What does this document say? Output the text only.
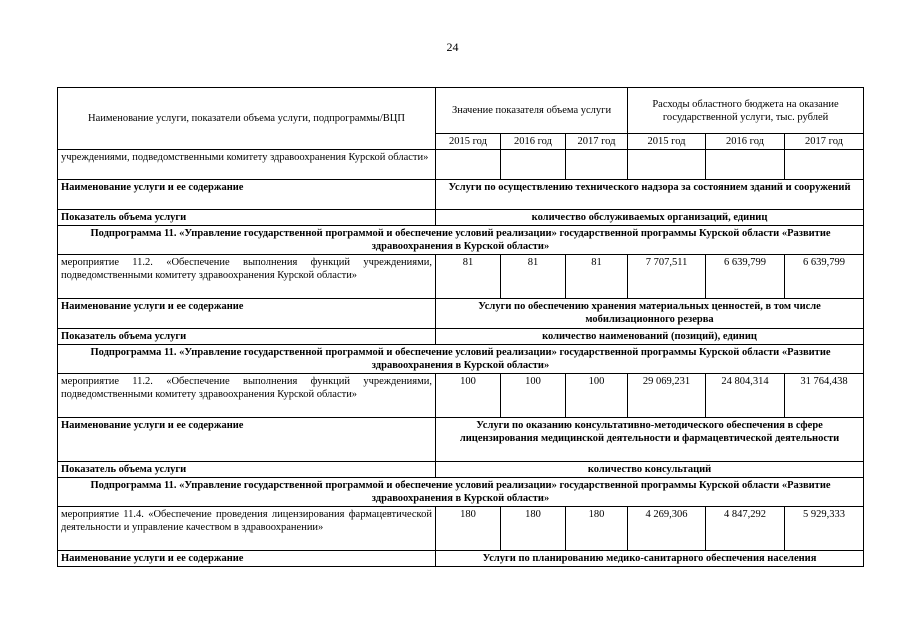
24
Наименование услуги, показатели объема услуги, подпрограммы/ВЦП	Значение показателя объема услуги			Расходы областного бюджета на оказание государственной услуги, тыс. рублей		
	2015 год	2016 год	2017 год	2015 год	2016 год	2017 год
учреждениями, подведомственными комитету здравоохранения Курской области»						
Наименование услуги и ее содержание	Услуги по осуществлению технического надзора за состоянием зданий и сооружений					
Показатель объема услуги	количество обслуживаемых организаций, единиц					
Подпрограмма 11. «Управление государственной программой и обеспечение условий реализации» государственной программы Курской области «Развитие здравоохранения в Курской области»						
мероприятие 11.2. «Обеспечение выполнения функций учреждениями, подведомственными комитету здравоохранения Курской области»	81	81	81	7 707,511	6 639,799	6 639,799
Наименование услуги и ее содержание	Услуги по обеспечению хранения материальных ценностей, в том числе мобилизационного резерва					
Показатель объема услуги	количество наименований (позиций), единиц					
Подпрограмма 11. «Управление государственной программой и обеспечение условий реализации» государственной программы Курской области «Развитие здравоохранения в Курской области»						
мероприятие 11.2. «Обеспечение выполнения функций учреждениями, подведомственными комитету здравоохранения Курской области»	100	100	100	29 069,231	24 804,314	31 764,438
Наименование услуги и ее содержание	Услуги по оказанию консультативно-методического обеспечения в сфере лицензирования медицинской деятельности и фармацевтической деятельности					
Показатель объема услуги	количество консультаций					
Подпрограмма 11. «Управление государственной программой и обеспечение условий реализации» государственной программы Курской области «Развитие здравоохранения в Курской области»						
мероприятие 11.4. «Обеспечение проведения лицензирования фармацевтической деятельности и управление качеством в здравоохранении»	180	180	180	4 269,306	4 847,292	5 929,333
Наименование услуги и ее содержание	Услуги по планированию медико-санитарного обеспечения населения					
